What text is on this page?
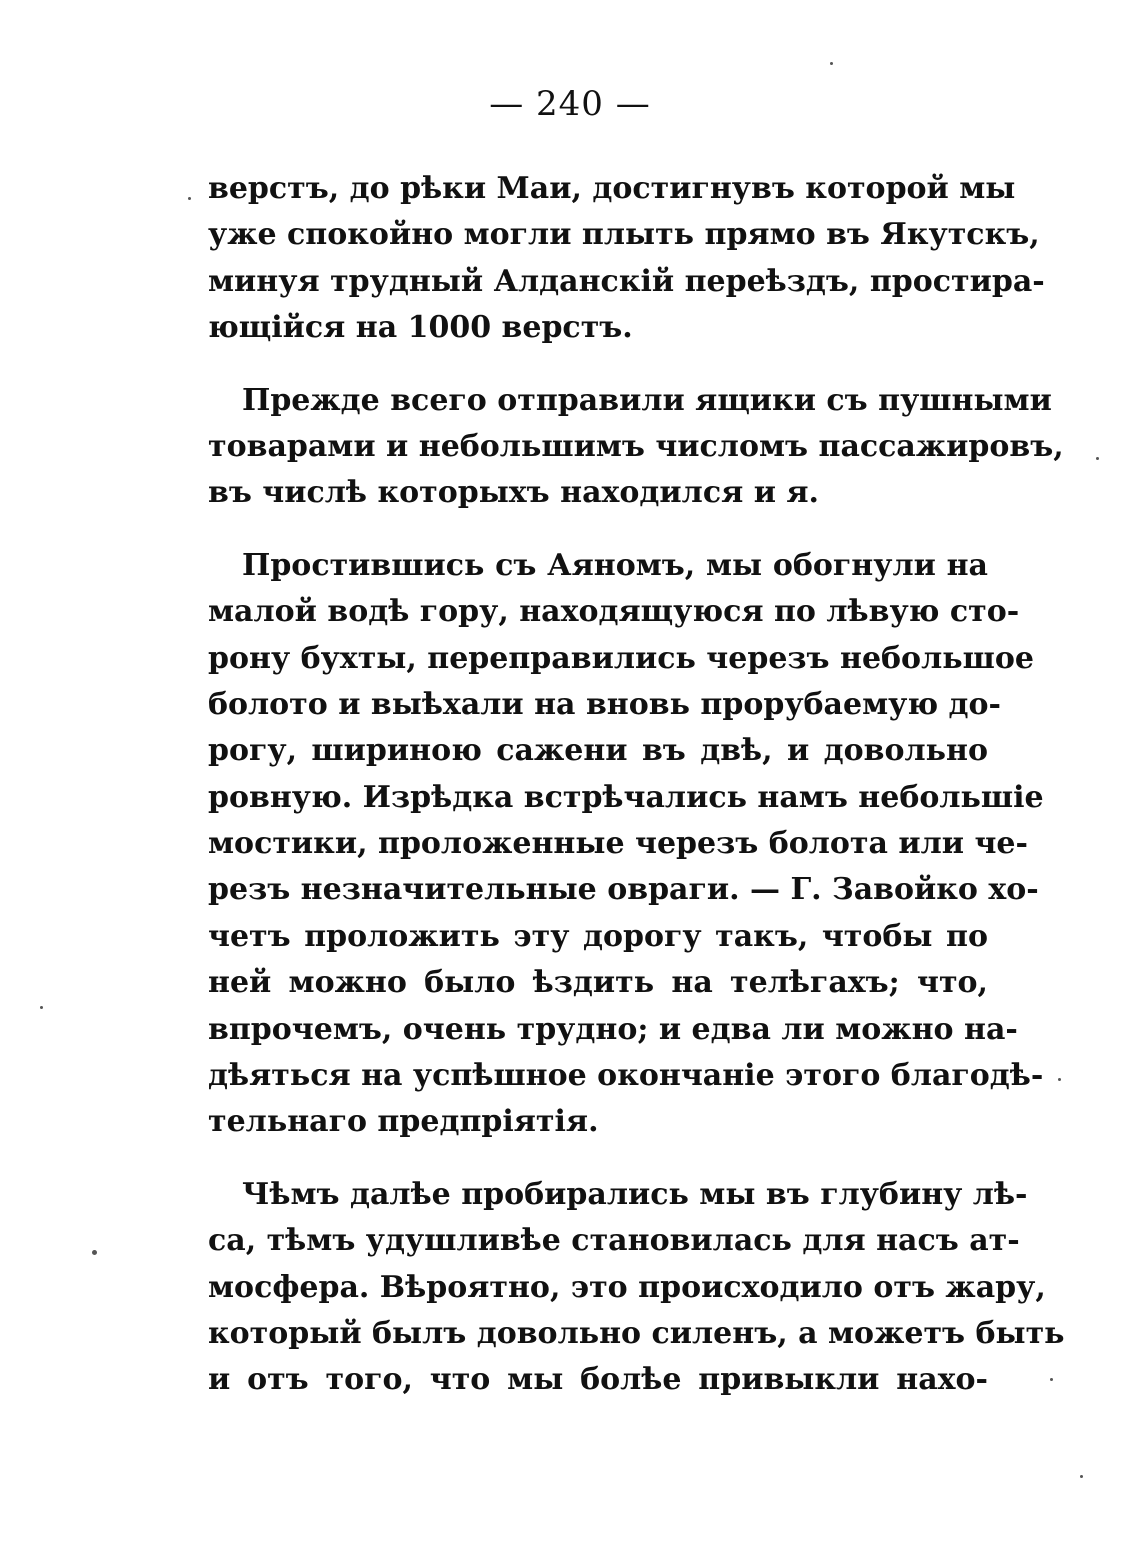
— 240 —
верстъ, до рѣки Маи, достигнувъ которой мы
уже спокойно могли плыть прямо въ Якутскъ,
минуя трудный Алданскій переѣздъ, простира-
ющійся на 1000 верстъ.
Прежде всего отправили ящики съ пушными
товарами и небольшимъ числомъ пассажировъ,
въ числѣ которыхъ находился и я.
Простившись съ Аяномъ, мы обогнули на
малой водѣ гору, находящуюся по лѣвую сто-
рону бухты, переправились черезъ небольшое
болото и выѣхали на вновь прорубаемую до-
рогу, шириною сажени въ двѣ, и довольно
ровную. Изрѣдка встрѣчались намъ небольшіе
мостики, проложенные черезъ болота или че-
резъ незначительные овраги. — Г. Завойко хо-
четъ проложить эту дорогу такъ, чтобы по
ней можно было ѣздить на телѣгахъ; что,
впрочемъ, очень трудно; и едва ли можно на-
дѣяться на успѣшное окончаніе этого благодѣ-
тельнаго предпріятія.
Чѣмъ далѣе пробирались мы въ глубину лѣ-
са, тѣмъ удушливѣе становилась для насъ ат-
мосфера. Вѣроятно, это происходило отъ жару,
который былъ довольно силенъ, а можетъ быть
и отъ того, что мы болѣе привыкли нахо-
